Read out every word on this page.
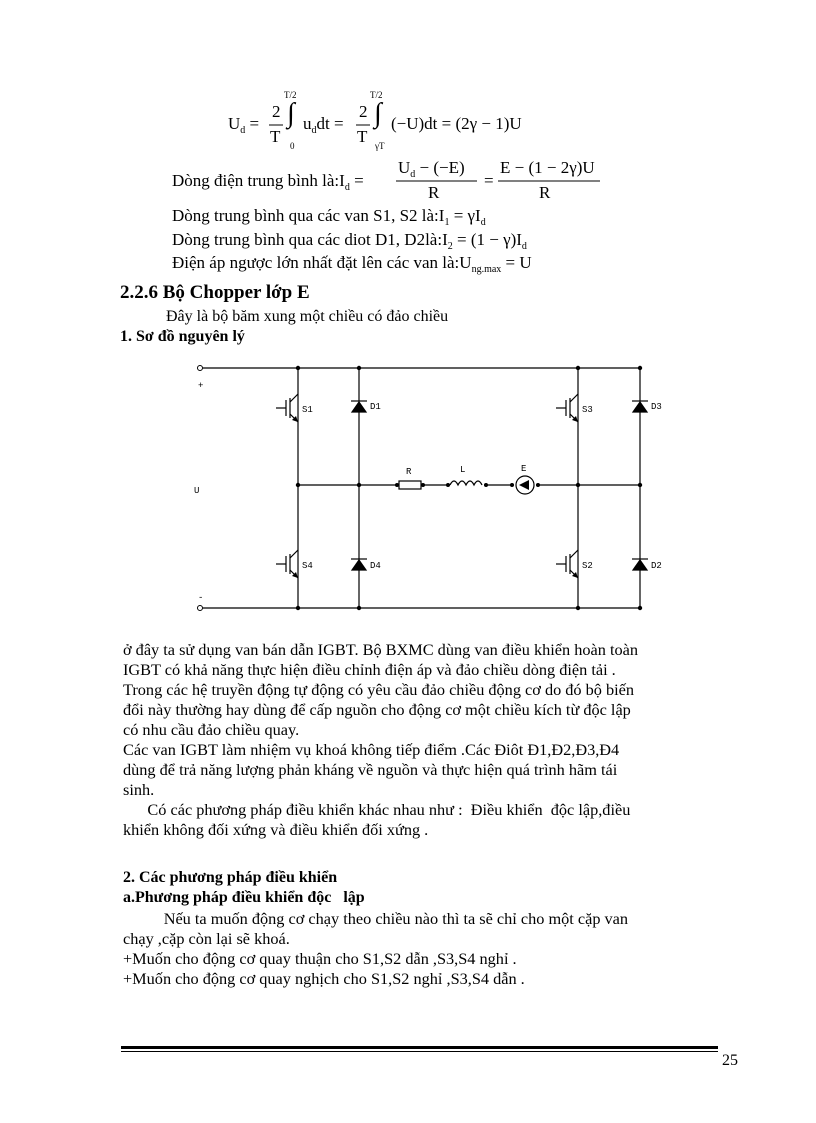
$U_d$ =
2
T
T/2
∫
0
$u_ddt$ =
2
T
T/2
∫
γT
(−U)dt = (2γ − 1)U
Dòng điện trung bình $là:I_d$ =
$U_d - (-E)$
R
=
E − (1 − 2γ)U
R
Dòng trung bình qua các van S1, S2 $là:I_1 = \gamma I_d$
Dòng trung bình qua các diot D1, $D2là:I_2 = (1 - \gamma)I_d$
Điện áp ngược lớn nhất đặt lên các van $là:U_{ng.max} = U$
2.2.6 Bộ Chopper lớp E
Đây là bộ băm xung một chiều có đảo chiều
1. Sơ đồ nguyên lý
+
-
U
S1	S3
S4	S2
D1	D3
D4	D2
R	L	E
ở đây ta sử dụng van bán dẫn IGBT. Bộ BXMC dùng van điều khiển hoàn toàn
IGBT có khả năng thực hiện điều chỉnh điện áp và đảo chiều dòng điện tải .
Trong các hệ truyền động tự động có yêu cầu đảo chiều động cơ do đó bộ biến
đổi này thường hay dùng để cấp nguồn cho động cơ một chiều kích từ độc lập
có nhu cầu đảo chiều quay.
Các van IGBT làm nhiệm vụ khoá không tiếp điểm .Các Điôt Đ1,Đ2,Đ3,Đ4
dùng để trả năng lượng phản kháng về nguồn và thực hiện quá trình hãm tái
sinh.
Có các phương pháp điều khiển khác nhau như :  Điều khiển  độc lập,điều
khiển không đối xứng và điều khiển đối xứng .
2. Các phương pháp điều khiển
a.Phương pháp điều khiển độc   lập
Nếu ta muốn động cơ chạy theo chiều nào thì ta sẽ chỉ cho một cặp van
chạy ,cặp còn lại sẽ khoá.
+Muốn cho động cơ quay thuận cho S1,S2 dẫn ,S3,S4 nghỉ .
+Muốn cho động cơ quay nghịch cho S1,S2 nghỉ ,S3,S4 dẫn .
25
